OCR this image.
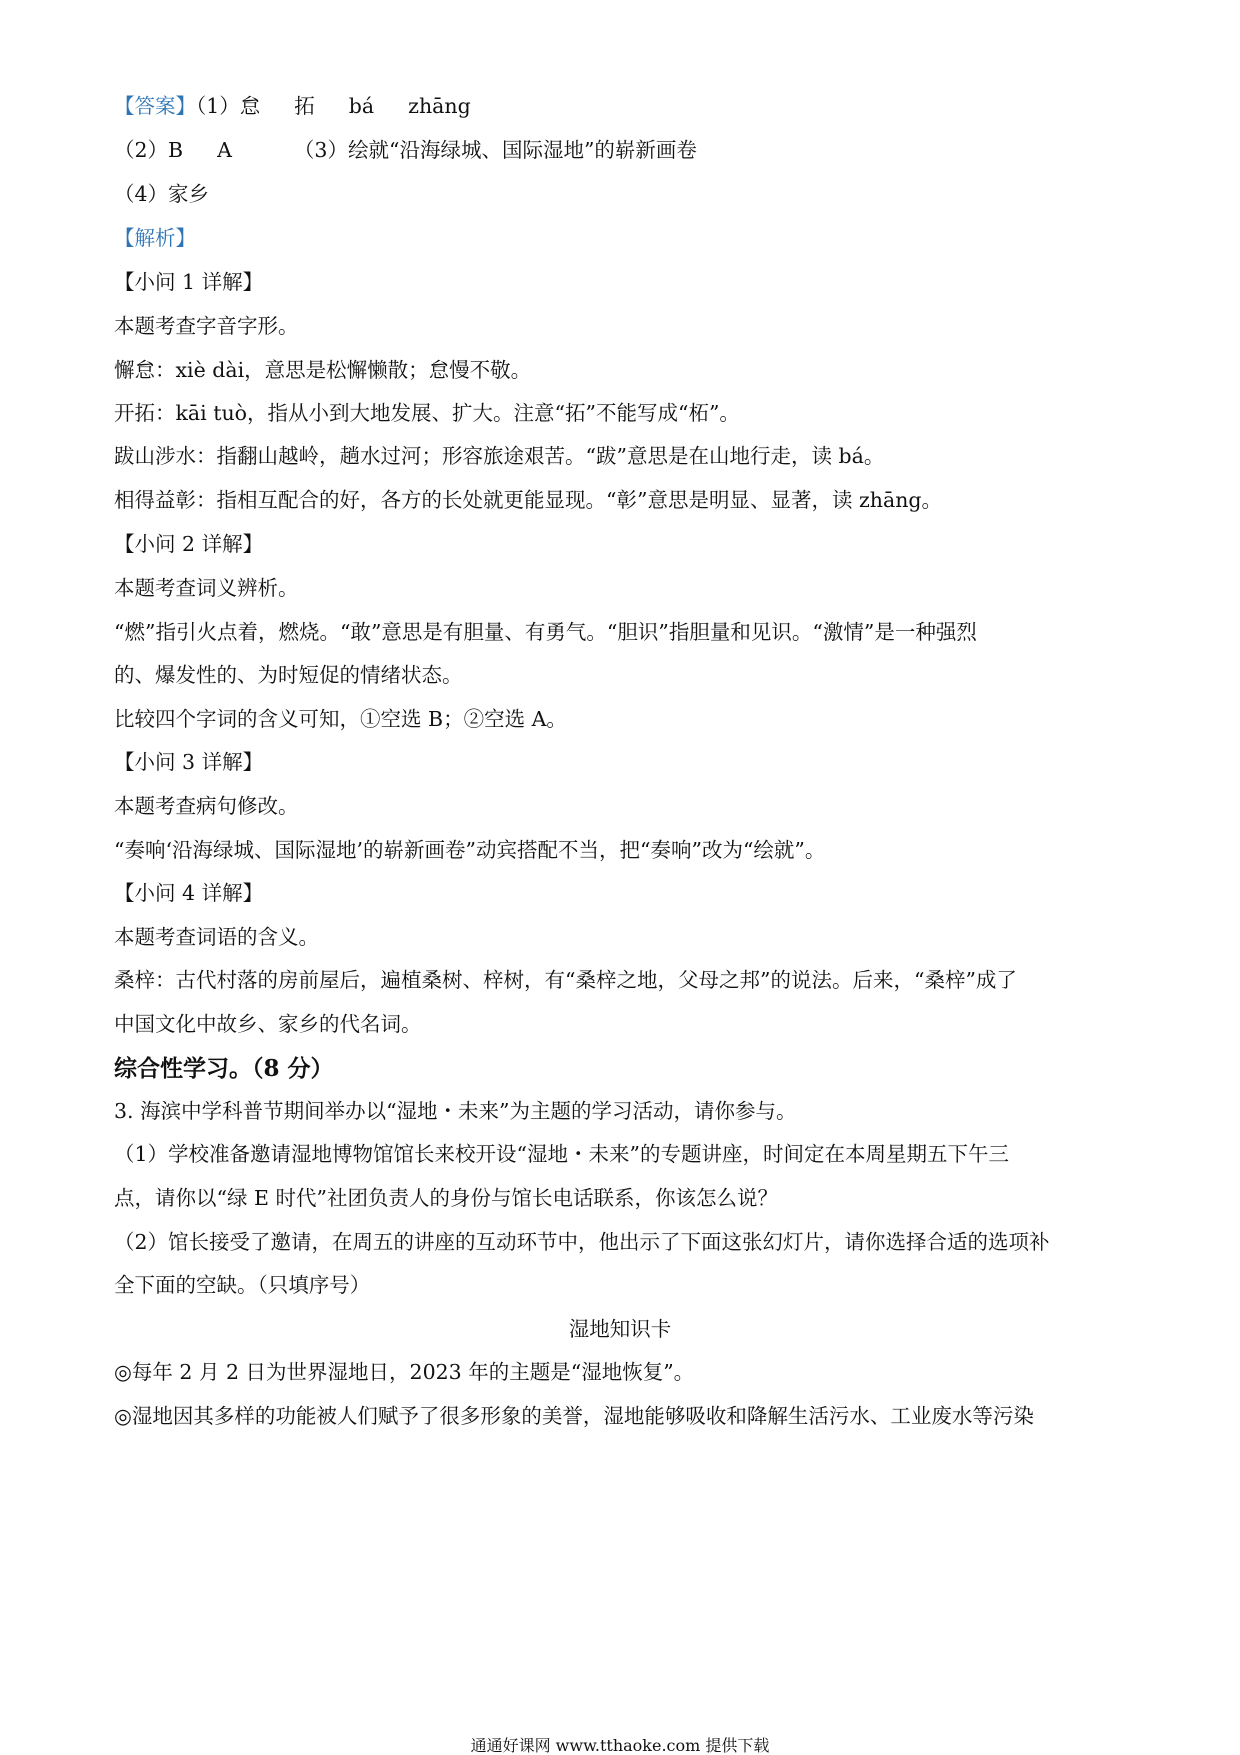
【答案】（1）怠 拓 bá zhāng
（2）B A	（3）绘就“沿海绿城、国际湿地”的崭新画卷
（4）家乡
【解析】
【小问 1 详解】
本题考查字音字形。
懈怠：xiè dài，意思是松懈懒散；怠慢不敬。
开拓：kāi tuò，指从小到大地发展、扩大。注意“拓”不能写成“柘”。
跋山涉水：指翻山越岭，趟水过河；形容旅途艰苦。“跋”意思是在山地行走，读 bá。
相得益彰：指相互配合的好，各方的长处就更能显现。“彰”意思是明显、显著，读 zhāng。
【小问 2 详解】
本题考查词义辨析。
“燃”指引火点着，燃烧。“敢”意思是有胆量、有勇气。“胆识”指胆量和见识。“激情”是一种强烈
的、爆发性的、为时短促的情绪状态。
比较四个字词的含义可知，①空选 B；②空选 A。
【小问 3 详解】
本题考查病句修改。
“奏响‘沿海绿城、国际湿地’的崭新画卷”动宾搭配不当，把“奏响”改为“绘就”。
【小问 4 详解】
本题考查词语的含义。
桑梓：古代村落的房前屋后，遍植桑树、梓树，有“桑梓之地，父母之邦”的说法。后来，“桑梓”成了
中国文化中故乡、家乡的代名词。
综合性学习。（8 分）
3. 海滨中学科普节期间举办以“湿地・未来”为主题的学习活动，请你参与。
（1）学校准备邀请湿地博物馆馆长来校开设“湿地・未来”的专题讲座，时间定在本周星期五下午三
点，请你以“绿 E 时代”社团负责人的身份与馆长电话联系，你该怎么说？
（2）馆长接受了邀请，在周五的讲座的互动环节中，他出示了下面这张幻灯片，请你选择合适的选项补
全下面的空缺。（只填序号）
湿地知识卡
◎每年 2 月 2 日为世界湿地日，2023 年的主题是“湿地恢复”。
◎湿地因其多样的功能被人们赋予了很多形象的美誉，湿地能够吸收和降解生活污水、工业废水等污染
通通好课网 www.tthaoke.com 提供下载
